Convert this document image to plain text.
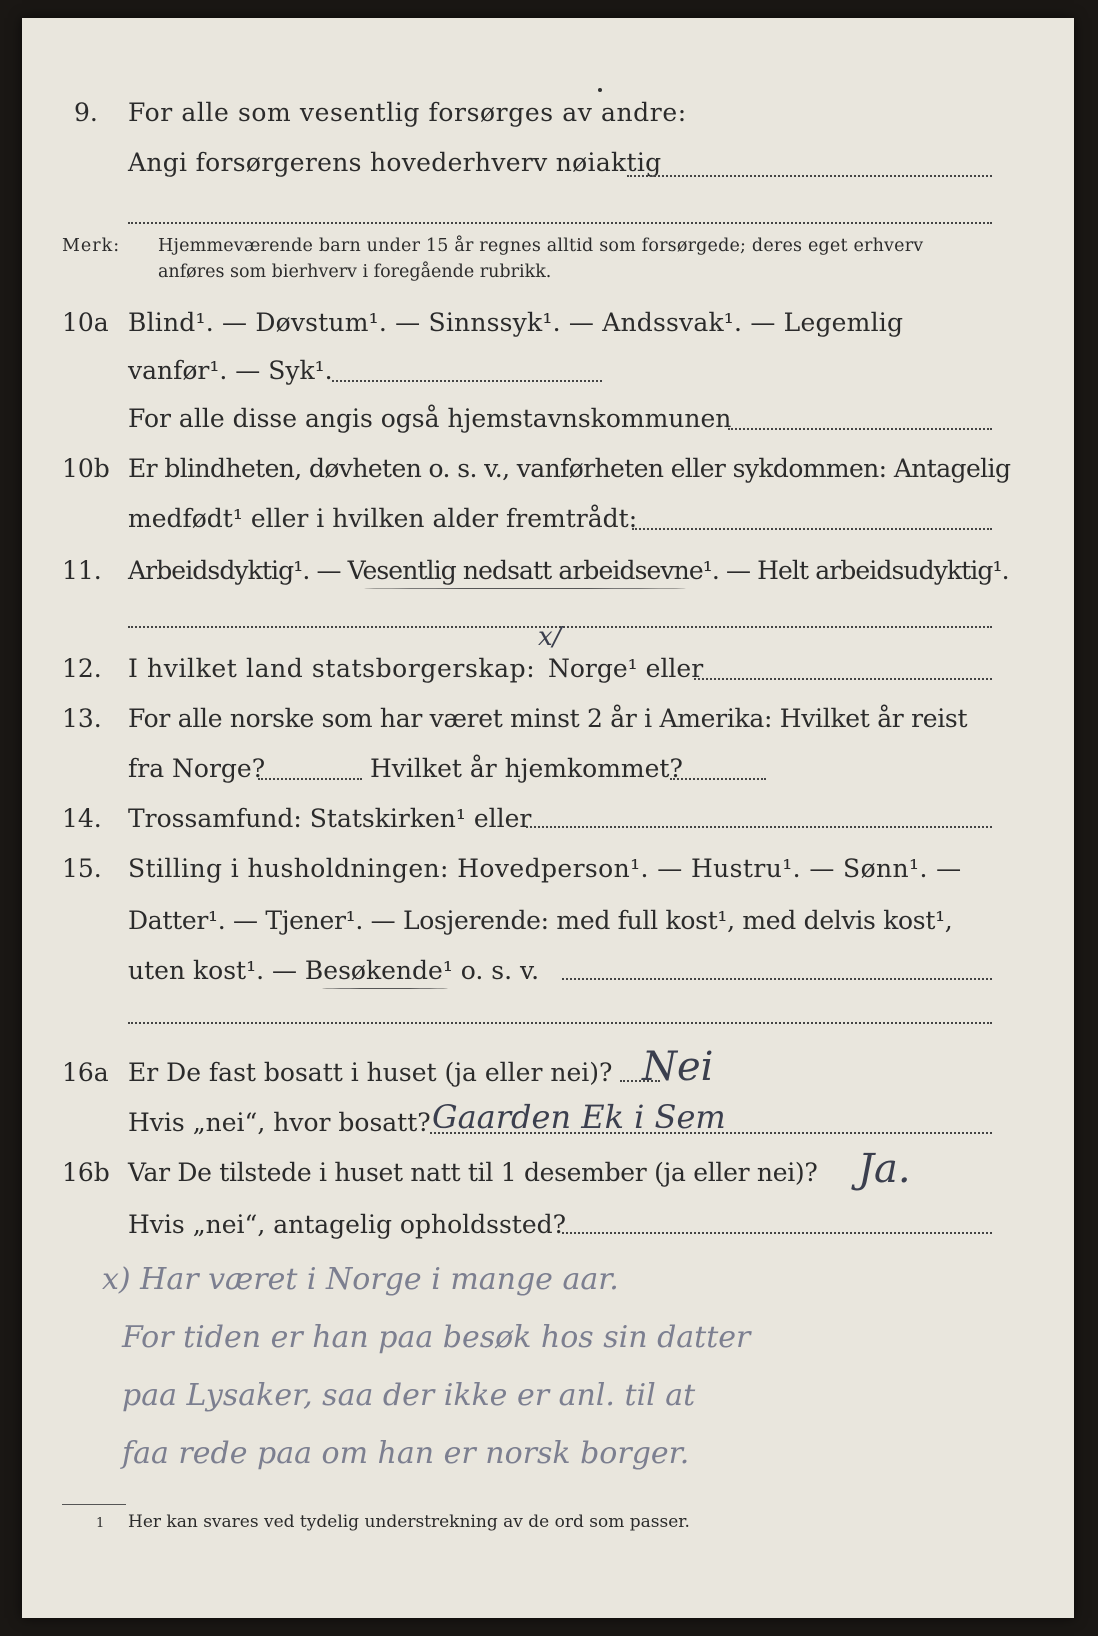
9. For alle som vesentlig forsørges av andre:
Angi forsørgerens hovederhverv nøiaktig
Merk: Hjemmeværende barn under 15 år regnes alltid som forsørgede; deres eget erhverv
anføres som bierhverv i foregående rubrikk.
10a Blind¹. — Døvstum¹. — Sinnssyk¹. — Andssvak¹. — Legemlig
vanfør¹. — Syk¹.
For alle disse angis også hjemstavnskommunen
10b Er blindheten, døvheten o. s. v., vanførheten eller sykdommen: Antagelig
medfødt¹ eller i hvilken alder fremtrådt:
11. Arbeidsdyktig¹. — Vesentlig nedsatt arbeidsevne¹. — Helt arbeidsudyktig¹.
12. I hvilket land statsborgerskap: Norge¹ eller
x/
13. For alle norske som har været minst 2 år i Amerika: Hvilket år reist
fra Norge?	Hvilket år hjemkommet?
14. Trossamfund: Statskirken¹ eller
15. Stilling i husholdningen: Hovedperson¹. — Hustru¹. — Sønn¹. —
Datter¹. — Tjener¹. — Losjerende: med full kost¹, med delvis kost¹,
uten kost¹. — Besøkende¹ o. s. v.
16a Er De fast bosatt i huset (ja eller nei)? Nei
Hvis „nei“, hvor bosatt? Gaarden Ek i Sem
16b Var De tilstede i huset natt til 1 desember (ja eller nei)? Ja.
Hvis „nei“, antagelig opholdssted?
x) Har været i Norge i mange aar.
For tiden er han paa besøk hos sin datter
paa Lysaker, saa der ikke er anl. til at
faa rede paa om han er norsk borger.
1 Her kan svares ved tydelig understrekning av de ord som passer.
